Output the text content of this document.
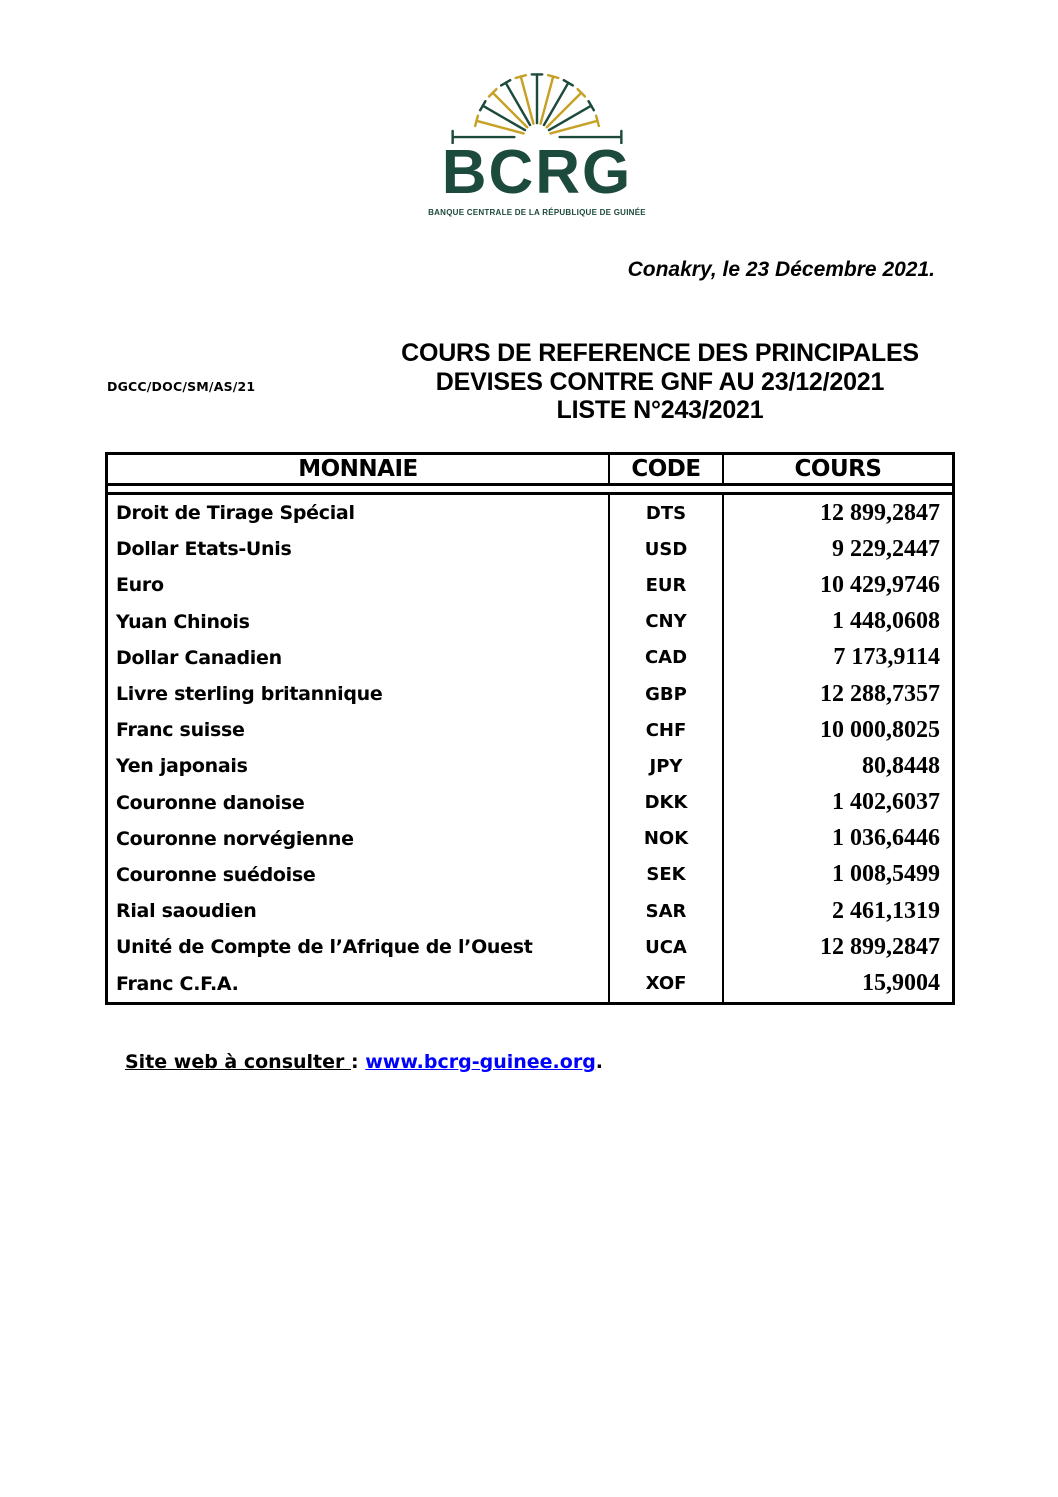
BCRG
BANQUE CENTRALE DE LA RÉPUBLIQUE DE GUINÉE
Conakry, le 23 Décembre 2021.
DGCC/DOC/SM/AS/21
COURS DE REFERENCE DES PRINCIPALES
DEVISES CONTRE GNF AU 23/12/2021
LISTE N°243/2021
MONNAIE	CODE	COURS
Droit de Tirage Spécial	DTS	12 899,2847
Dollar Etats-Unis	USD	9 229,2447
Euro	EUR	10 429,9746
Yuan Chinois	CNY	1 448,0608
Dollar Canadien	CAD	7 173,9114
Livre sterling britannique	GBP	12 288,7357
Franc suisse	CHF	10 000,8025
Yen japonais	JPY	80,8448
Couronne danoise	DKK	1 402,6037
Couronne norvégienne	NOK	1 036,6446
Couronne suédoise	SEK	1 008,5499
Rial saoudien	SAR	2 461,1319
Unité de Compte de l’Afrique de l’Ouest	UCA	12 899,2847
Franc C.F.A.	XOF	15,9004
Site web à consulter : www.bcrg-guinee.org.
